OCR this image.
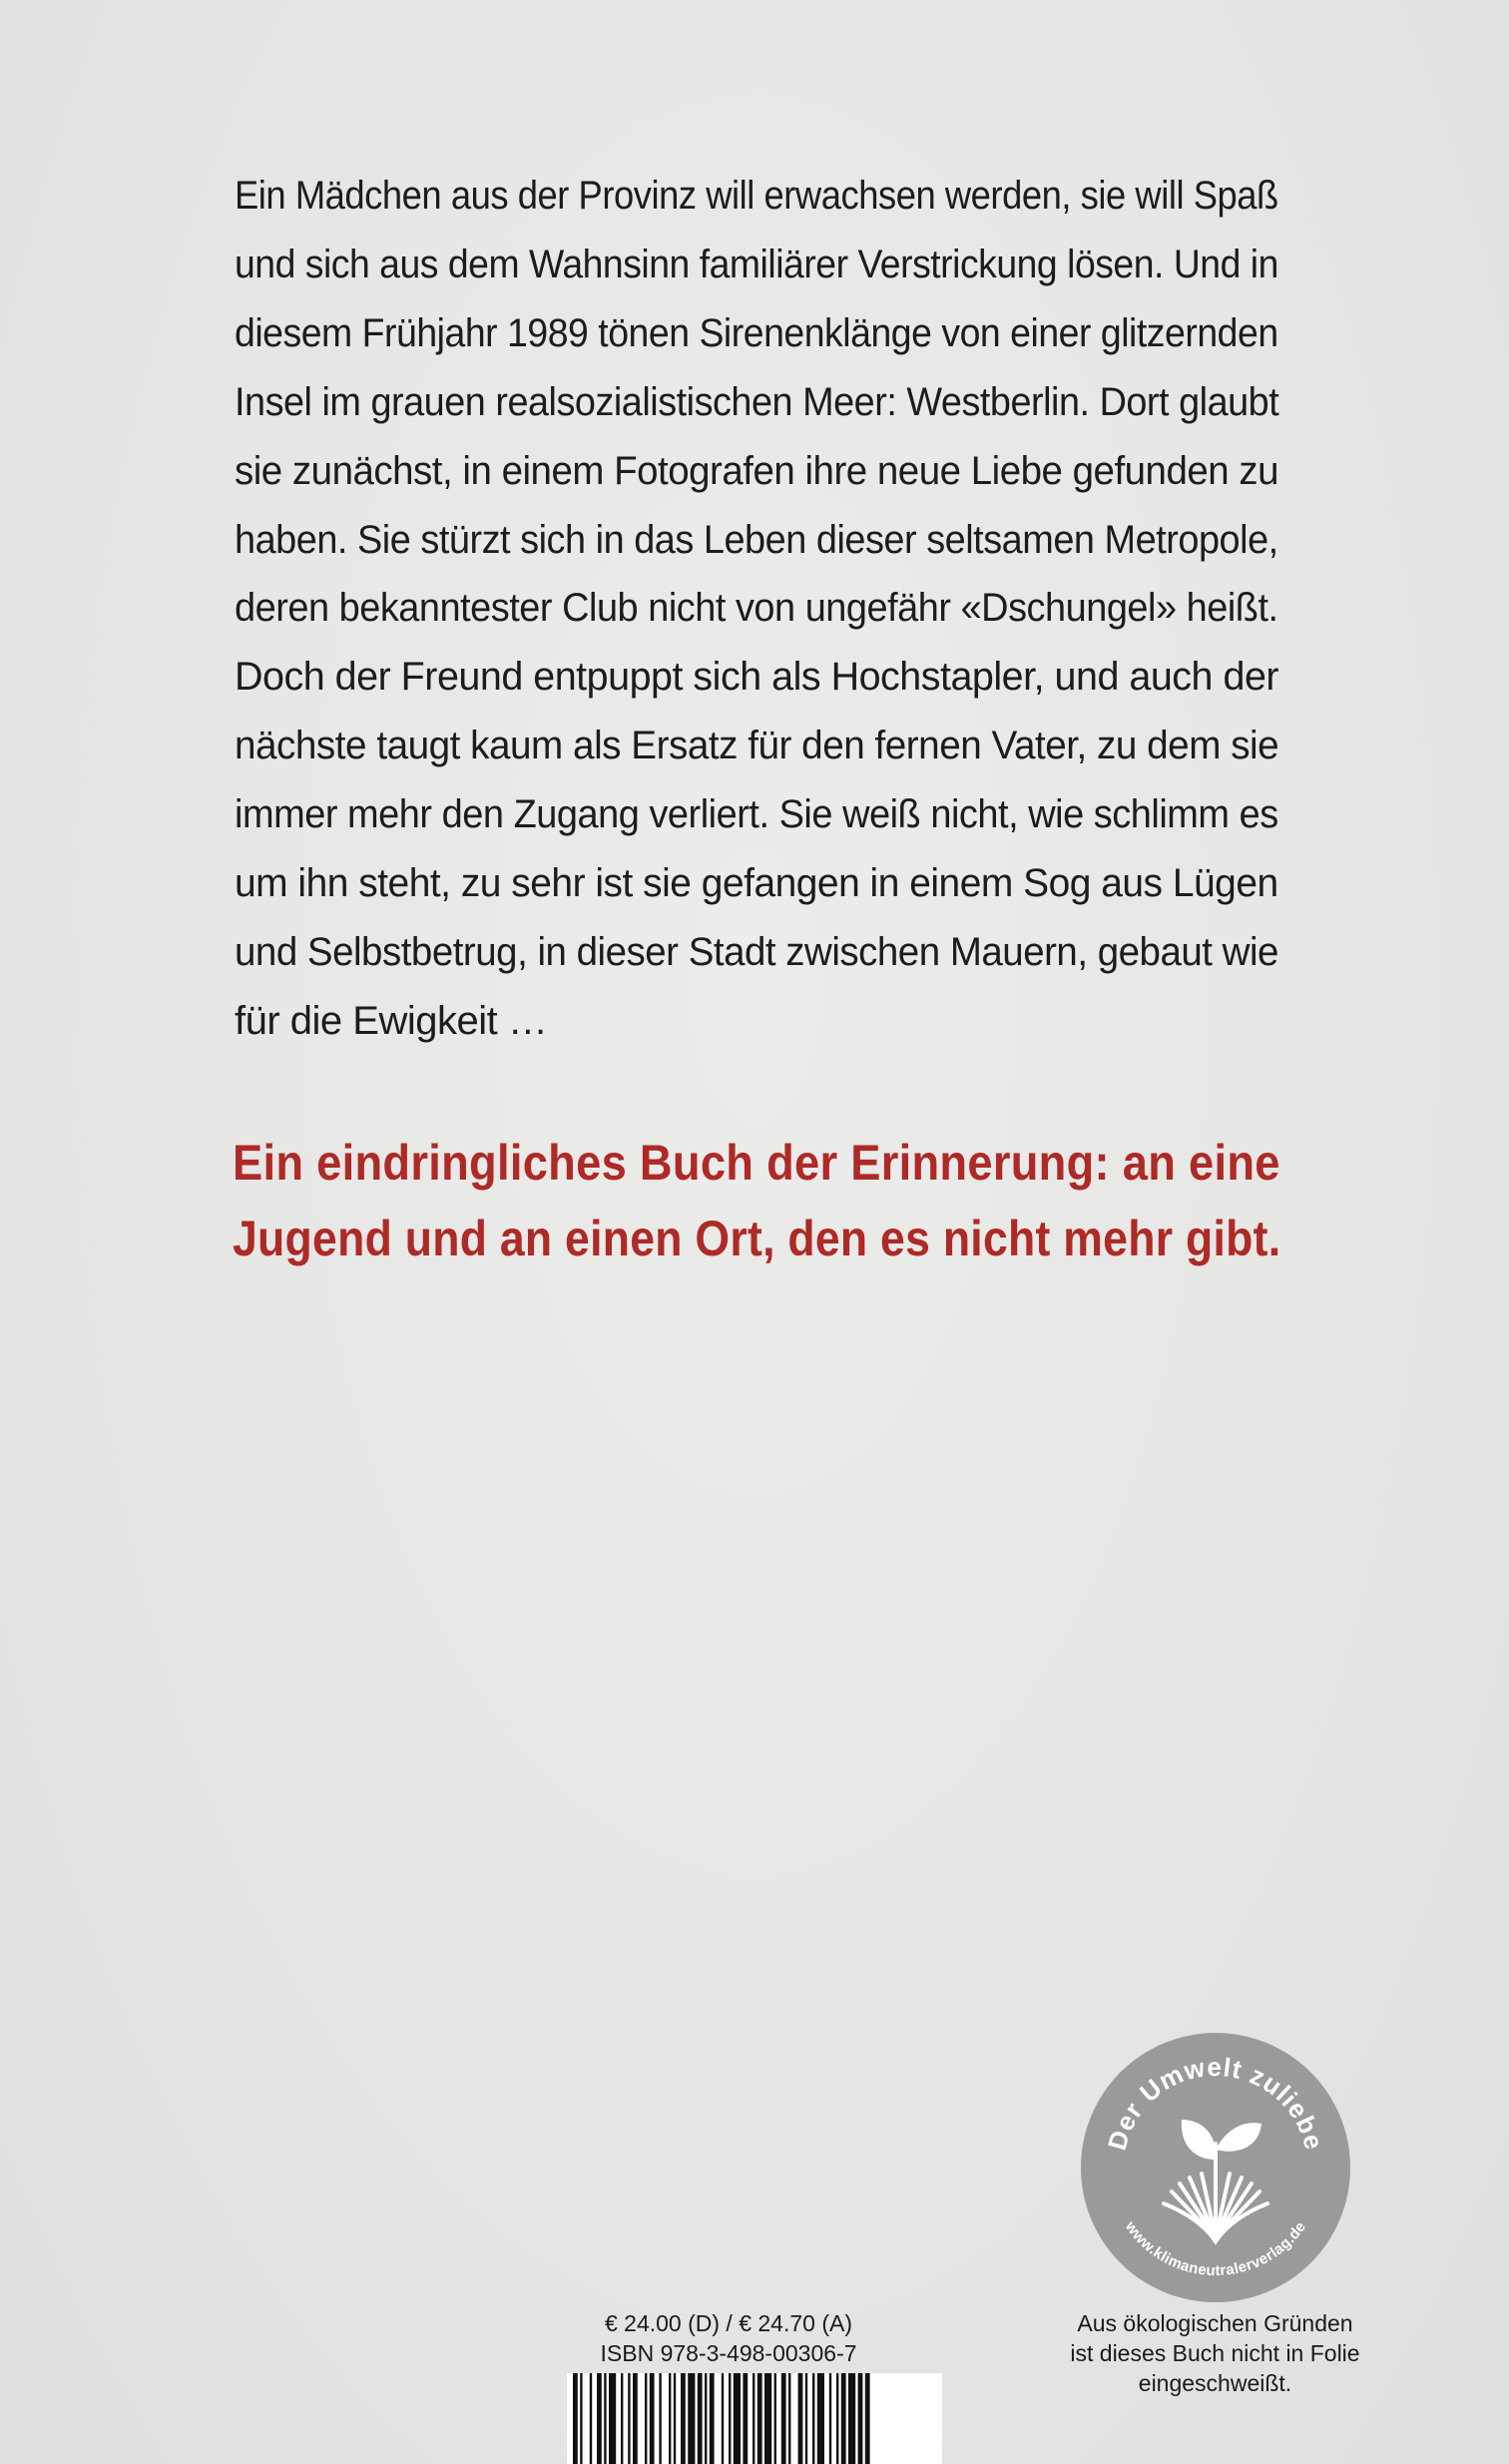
Ein Mädchen aus der Provinz will erwachsen werden, sie will Spaß
und sich aus dem Wahnsinn familiärer Verstrickung lösen. Und in
diesem Frühjahr 1989 tönen Sirenenklänge von einer glitzernden
Insel im grauen realsozialistischen Meer: Westberlin. Dort glaubt
sie zunächst, in einem Fotografen ihre neue Liebe gefunden zu
haben. Sie stürzt sich in das Leben dieser seltsamen Metropole,
deren bekanntester Club nicht von ungefähr «Dschungel» heißt.
Doch der Freund entpuppt sich als Hochstapler, und auch der
nächste taugt kaum als Ersatz für den fernen Vater, zu dem sie
immer mehr den Zugang verliert. Sie weiß nicht, wie schlimm es
um ihn steht, zu sehr ist sie gefangen in einem Sog aus Lügen
und Selbstbetrug, in dieser Stadt zwischen Mauern, gebaut wie
für die Ewigkeit …
Ein eindringliches Buch der Erinnerung: an eine
Jugend und an einen Ort, den es nicht mehr gibt.
Der Umwelt zuliebe
www.klimaneutralerverlag.de
€ 24.00 (D) / € 24.70 (A)
ISBN 978-3-498-00306-7
Aus ökologischen Gründen
ist dieses Buch nicht in Folie
eingeschweißt.
